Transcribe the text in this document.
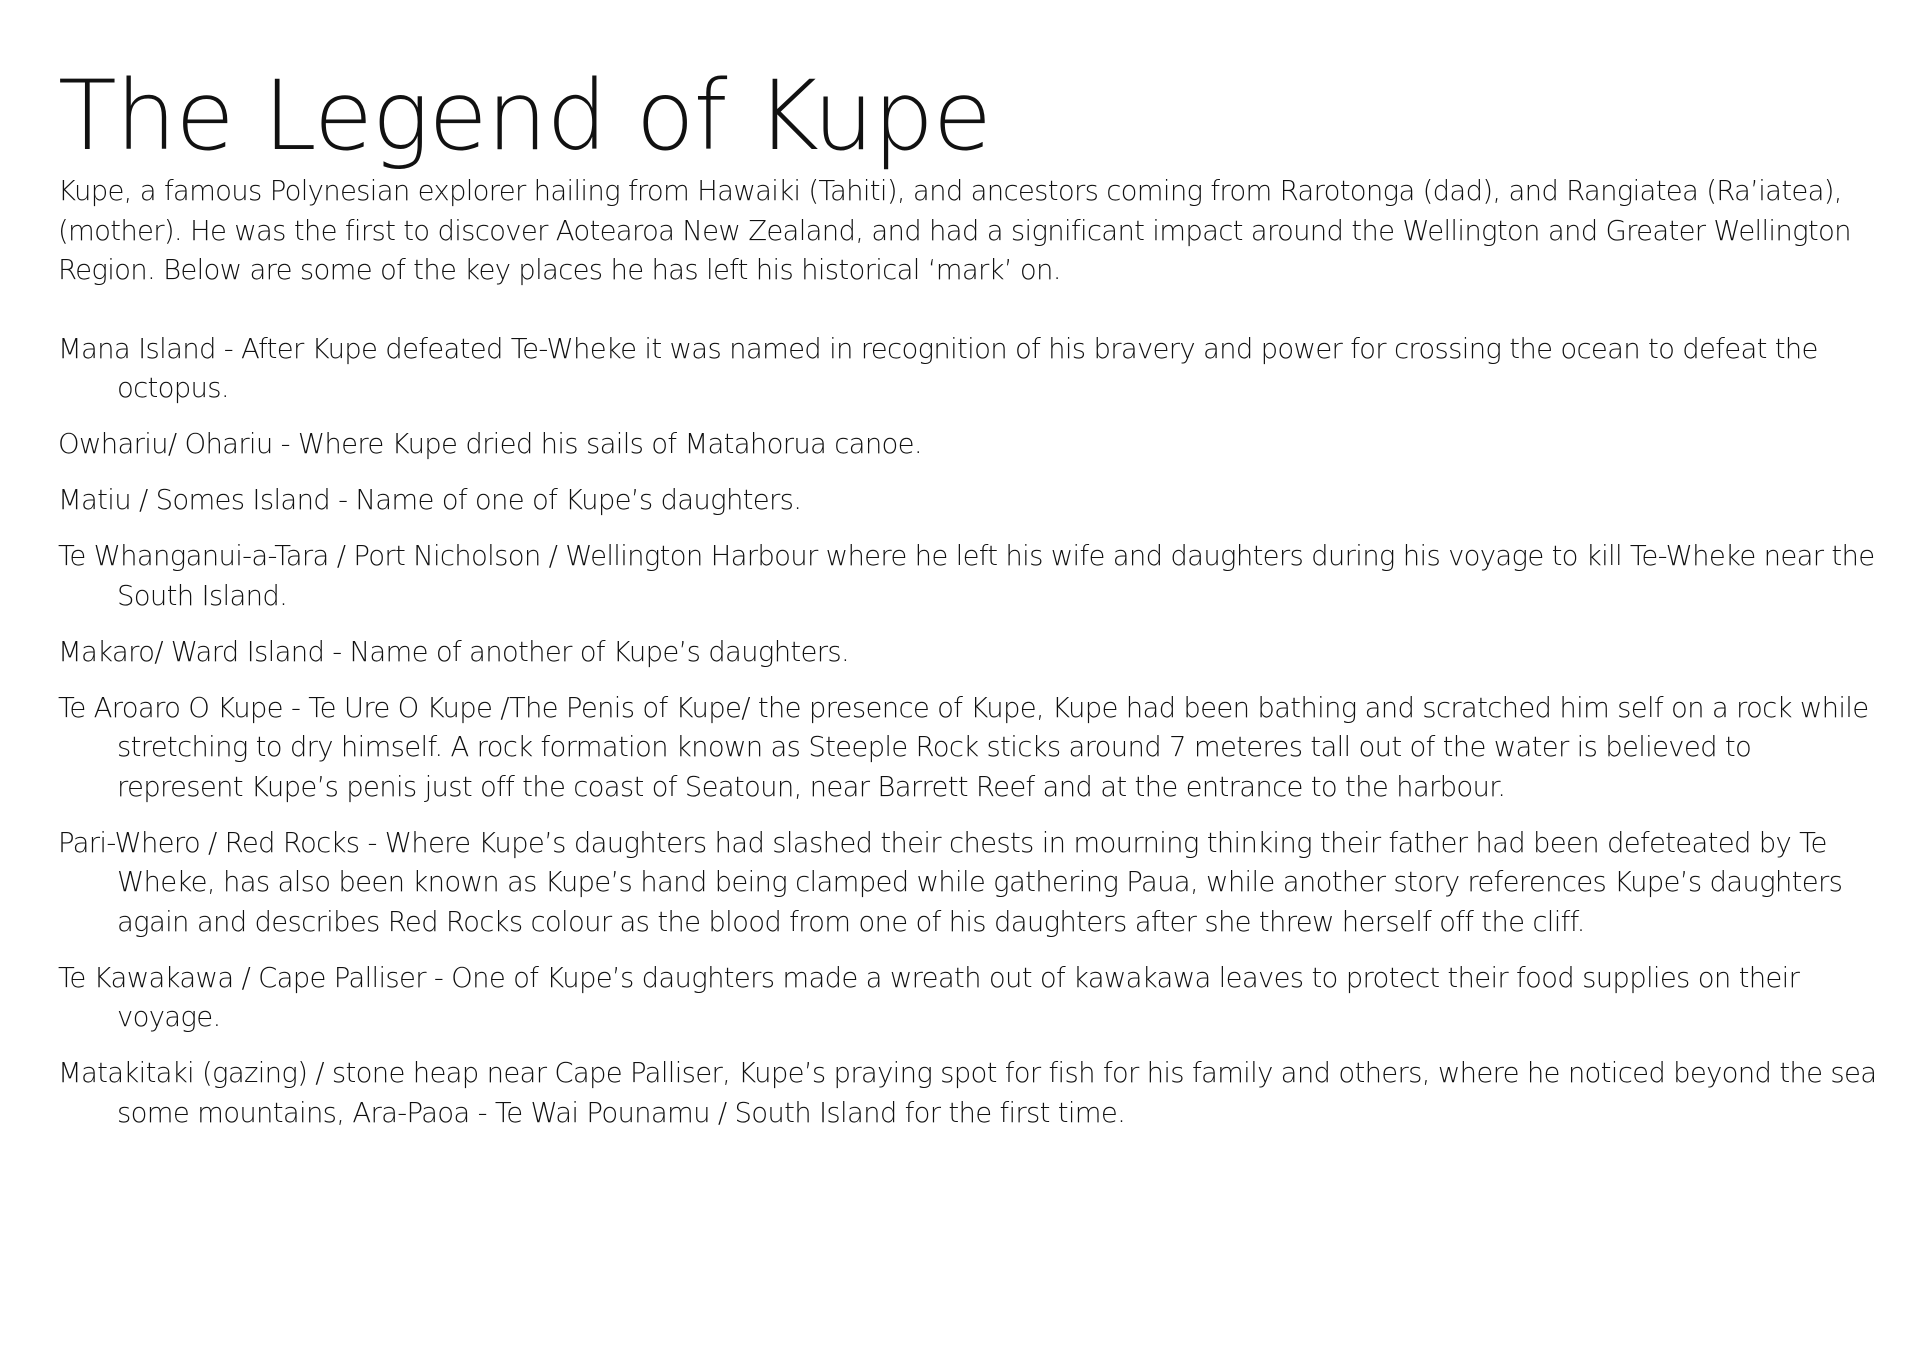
The Legend of Kupe

Kupe, a famous Polynesian explorer hailing from Hawaiki (Tahiti), and ancestors coming from Rarotonga (dad), and Rangiatea (Ra’iatea), (mother). He was the first to discover Aotearoa New Zealand, and had a significant impact around the Wellington and Greater Wellington Region. Below are some of the key places he has left his historical ‘mark’ on.

Mana Island - After Kupe defeated Te-Wheke it was named in recognition of his bravery and power for crossing the ocean to defeat the octopus.
Owhariu/ Ohariu - Where Kupe dried his sails of Matahorua canoe.
Matiu / Somes Island - Name of one of Kupe’s daughters.
Te Whanganui-a-Tara / Port Nicholson / Wellington Harbour where he left his wife and daughters during his voyage to kill Te-Wheke near the South Island.
Makaro/ Ward Island - Name of another of Kupe’s daughters.
Te Aroaro O Kupe - Te Ure O Kupe /The Penis of Kupe/ the presence of Kupe, Kupe had been bathing and scratched him self on a rock while stretching to dry himself. A rock formation known as Steeple Rock sticks around 7 meteres tall out of the water is believed to represent Kupe’s penis just off the coast of Seatoun, near Barrett Reef and at the entrance to the harbour.
Pari-Whero / Red Rocks - Where Kupe’s daughters had slashed their chests in mourning thinking their father had been defeteated by Te Wheke, has also been known as Kupe’s hand being clamped while gathering Paua, while another story references Kupe’s daughters again and describes Red Rocks colour as the blood from one of his daughters after she threw herself off the cliff.
Te Kawakawa / Cape Palliser - One of Kupe’s daughters made a wreath out of kawakawa leaves to protect their food supplies on their voyage.
Matakitaki (gazing) / stone heap near Cape Palliser, Kupe’s praying spot for fish for his family and others, where he noticed beyond the sea some mountains, Ara-Paoa - Te Wai Pounamu / South Island for the first time.
